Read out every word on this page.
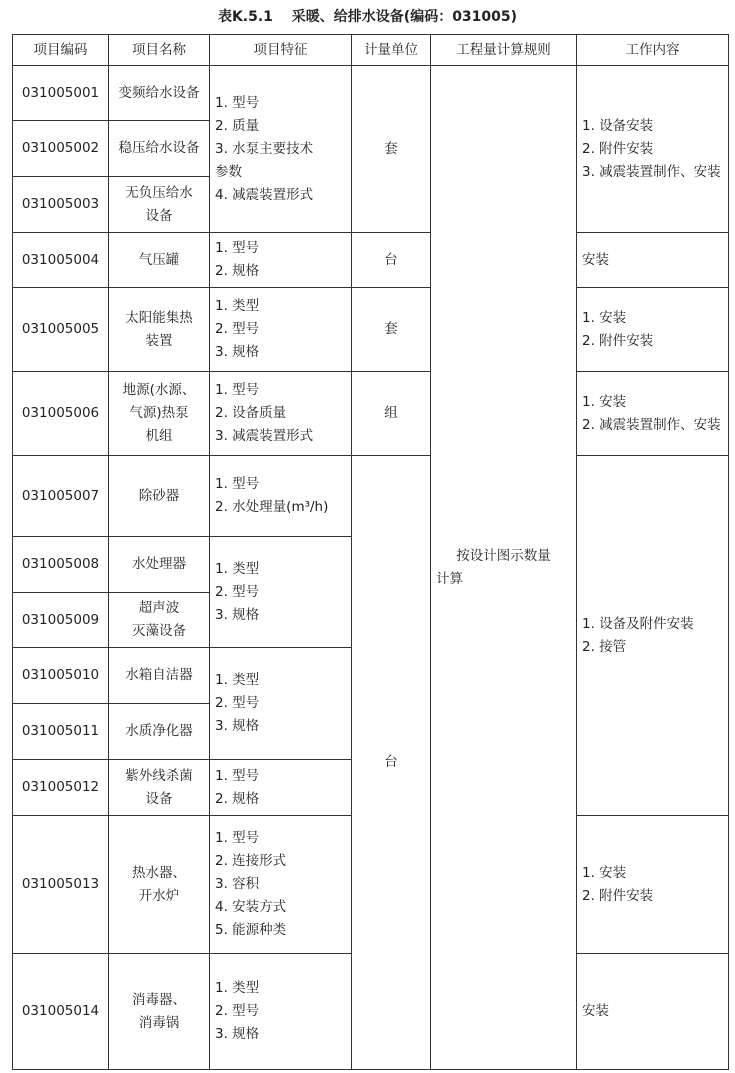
表K.5.1　 采暖、给排水设备(编码：031005)
项目编码	项目名称	项目特征	计量单位	工程量计算规则	工作内容
031005001	变频给水设备	1. 型号
2. 质量
3. 水泵主要技术
参数
4. 减震装置形式	套	按设计图示数量
计算	1. 设备安装
2. 附件安装
3. 减震装置制作、安装

031005002	稳压给水设备				

031005003	无负压给水
设备				

031005004	气压罐	1. 型号
2. 规格	台		安装

031005005	太阳能集热
装置	1. 类型
2. 型号
3. 规格	套		1. 安装
2. 附件安装

031005006	地源(水源、
气源)热泵
机组	1. 型号
2. 设备质量
3. 减震装置形式	组		1. 安装
2. 减震装置制作、安装

031005007	除砂器	1. 型号
2. 水处理量(m³/h)	台		1. 设备及附件安装
2. 接管

031005008	水处理器	1. 类型
2. 型号
3. 规格			

031005009	超声波
灭藻设备				

031005010	水箱自洁器	1. 类型
2. 型号
3. 规格			

031005011	水质净化器				

031005012	紫外线杀菌
设备	1. 型号
2. 规格			

031005013	热水器、
开水炉	1. 型号
2. 连接形式
3. 容积
4. 安装方式
5. 能源种类			1. 安装
2. 附件安装

031005014	消毒器、
消毒锅	1. 类型
2. 型号
3. 规格			安装
